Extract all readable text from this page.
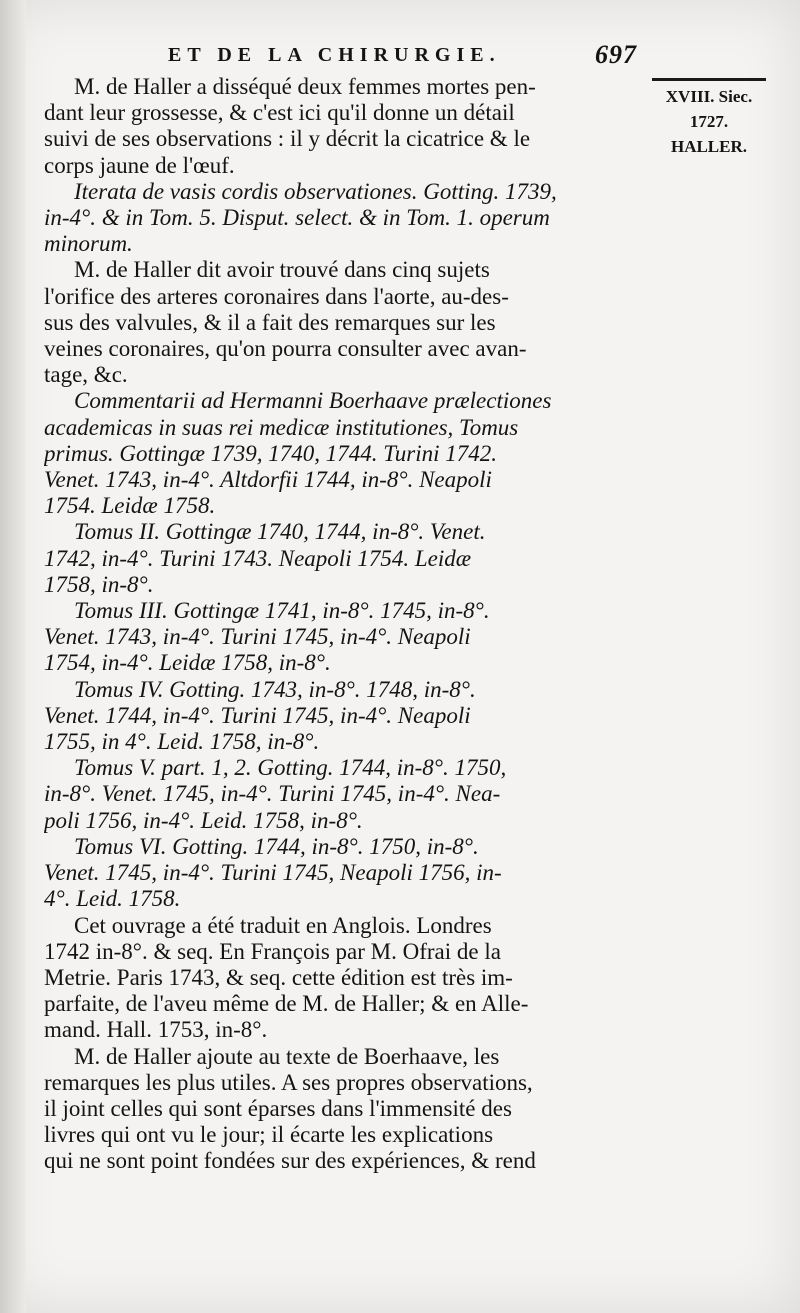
ET DE LA CHIRURGIE.	697
XVIII. Siec.
1727.
HALLER.
M. de Haller a disséqué deux femmes mortes pen-
dant leur grossesse, & c'est ici qu'il donne un détail
suivi de ses observations : il y décrit la cicatrice & le
corps jaune de l'œuf.
Iterata de vasis cordis observationes. Gotting. 1739,
in-4°. & in Tom. 5. Disput. select. & in Tom. 1. operum
minorum.
M. de Haller dit avoir trouvé dans cinq sujets
l'orifice des arteres coronaires dans l'aorte, au-des-
sus des valvules, & il a fait des remarques sur les
veines coronaires, qu'on pourra consulter avec avan-
tage, &c.
Commentarii ad Hermanni Boerhaave prælectiones
academicas in suas rei medicæ institutiones, Tomus
primus. Gottingæ 1739, 1740, 1744. Turini 1742.
Venet. 1743, in-4°. Altdorfii 1744, in-8°. Neapoli
1754. Leidæ 1758.
Tomus II. Gottingæ 1740, 1744, in-8°. Venet.
1742, in-4°. Turini 1743. Neapoli 1754. Leidæ
1758, in-8°.
Tomus III. Gottingæ 1741, in-8°. 1745, in-8°.
Venet. 1743, in-4°. Turini 1745, in-4°. Neapoli
1754, in-4°. Leidæ 1758, in-8°.
Tomus IV. Gotting. 1743, in-8°. 1748, in-8°.
Venet. 1744, in-4°. Turini 1745, in-4°. Neapoli
1755, in 4°. Leid. 1758, in-8°.
Tomus V. part. 1, 2. Gotting. 1744, in-8°. 1750,
in-8°. Venet. 1745, in-4°. Turini 1745, in-4°. Nea-
poli 1756, in-4°. Leid. 1758, in-8°.
Tomus VI. Gotting. 1744, in-8°. 1750, in-8°.
Venet. 1745, in-4°. Turini 1745, Neapoli 1756, in-
4°. Leid. 1758.
Cet ouvrage a été traduit en Anglois. Londres
1742 in-8°. & seq. En François par M. Ofrai de la
Metrie. Paris 1743, & seq. cette édition est très im-
parfaite, de l'aveu même de M. de Haller; & en Alle-
mand. Hall. 1753, in-8°.
M. de Haller ajoute au texte de Boerhaave, les
remarques les plus utiles. A ses propres observations,
il joint celles qui sont éparses dans l'immensité des
livres qui ont vu le jour; il écarte les explications
qui ne sont point fondées sur des expériences, & rend
